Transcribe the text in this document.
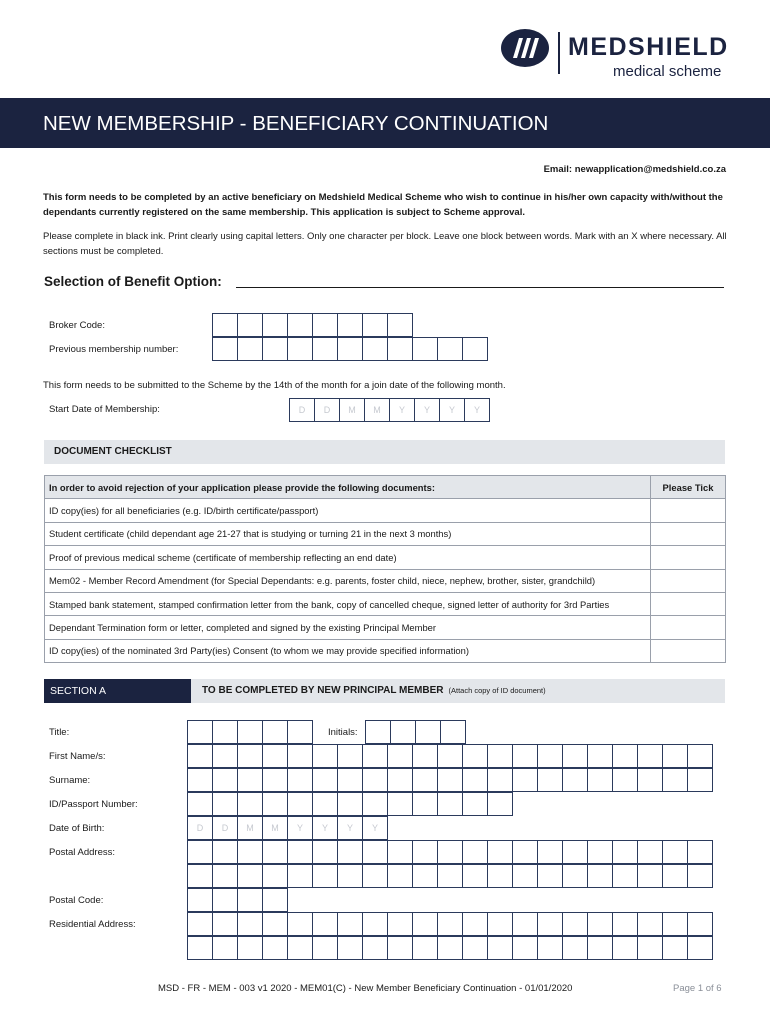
MEDSHIELD
medical scheme
NEW MEMBERSHIP - BENEFICIARY CONTINUATION
Email: newapplication@medshield.co.za
This form needs to be completed by an active beneficiary on Medshield Medical Scheme who wish to continue in his/her own capacity with/without the dependants currently registered on the same membership. This application is subject to Scheme approval.
Please complete in black ink. Print clearly using capital letters. Only one character per block. Leave one block between words. Mark with an X where necessary. All sections must be completed.
Selection of Benefit Option:
Broker Code:
Previous membership number:
This form needs to be submitted to the Scheme by the 14th of the month for a join date of the following month.
Start Date of Membership:	D	D	M	M	Y	Y	Y	Y
DOCUMENT CHECKLIST
In order to avoid rejection of your application please provide the following documents:	Please Tick
ID copy(ies) for all beneficiaries (e.g. ID/birth certificate/passport)	
Student certificate (child dependant age 21-27 that is studying or turning 21 in the next 3 months)	
Proof of previous medical scheme (certificate of membership reflecting an end date)	
Mem02 - Member Record Amendment (for Special Dependants: e.g. parents, foster child, niece, nephew, brother, sister, grandchild)	
Stamped bank statement, stamped confirmation letter from the bank, copy of cancelled cheque, signed letter of authority for 3rd Parties	
Dependant Termination form or letter, completed and signed by the existing Principal Member	
ID copy(ies) of the nominated 3rd Party(ies) Consent (to whom we may provide specified information)	
SECTION A	TO BE COMPLETED BY NEW PRINCIPAL MEMBER (Attach copy of ID document)
Title:	Initials:
First Name/s:
Surname:
ID/Passport Number:
Date of Birth:	D	D	M	M	Y	Y	Y	Y
Postal Address:
Postal Code:
Residential Address:
MSD - FR - MEM - 003 v1 2020 - MEM01(C) - New Member Beneficiary Continuation - 01/01/2020	Page 1 of 6
